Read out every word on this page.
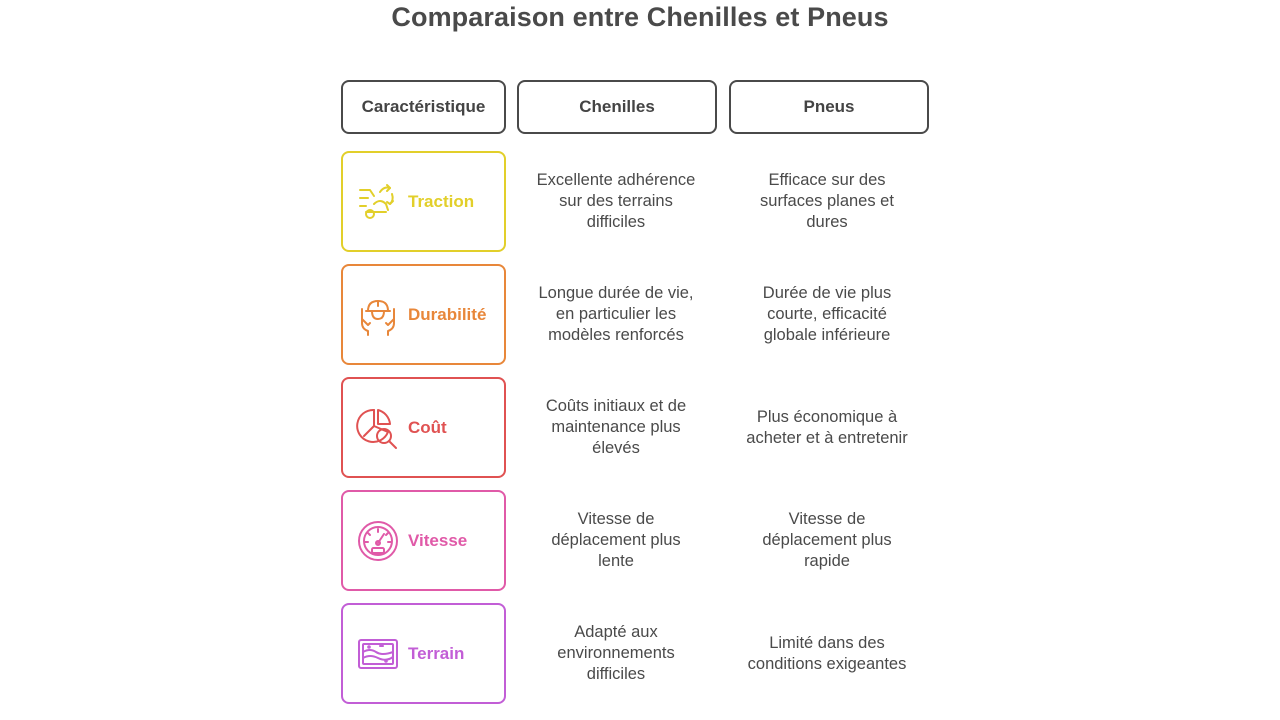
Comparaison entre Chenilles et Pneus
Caractéristique	Chenilles	Pneus
Traction
Excellente adhérence sur des terrains difficiles
Efficace sur des surfaces planes et dures
Durabilité
Longue durée de vie, en particulier les modèles renforcés
Durée de vie plus courte, efficacité globale inférieure
Coût
Coûts initiaux et de maintenance plus élevés
Plus économique à acheter et à entretenir
Vitesse
Vitesse de déplacement plus lente
Vitesse de déplacement plus rapide
Terrain
Adapté aux environnements difficiles
Limité dans des conditions exigeantes
